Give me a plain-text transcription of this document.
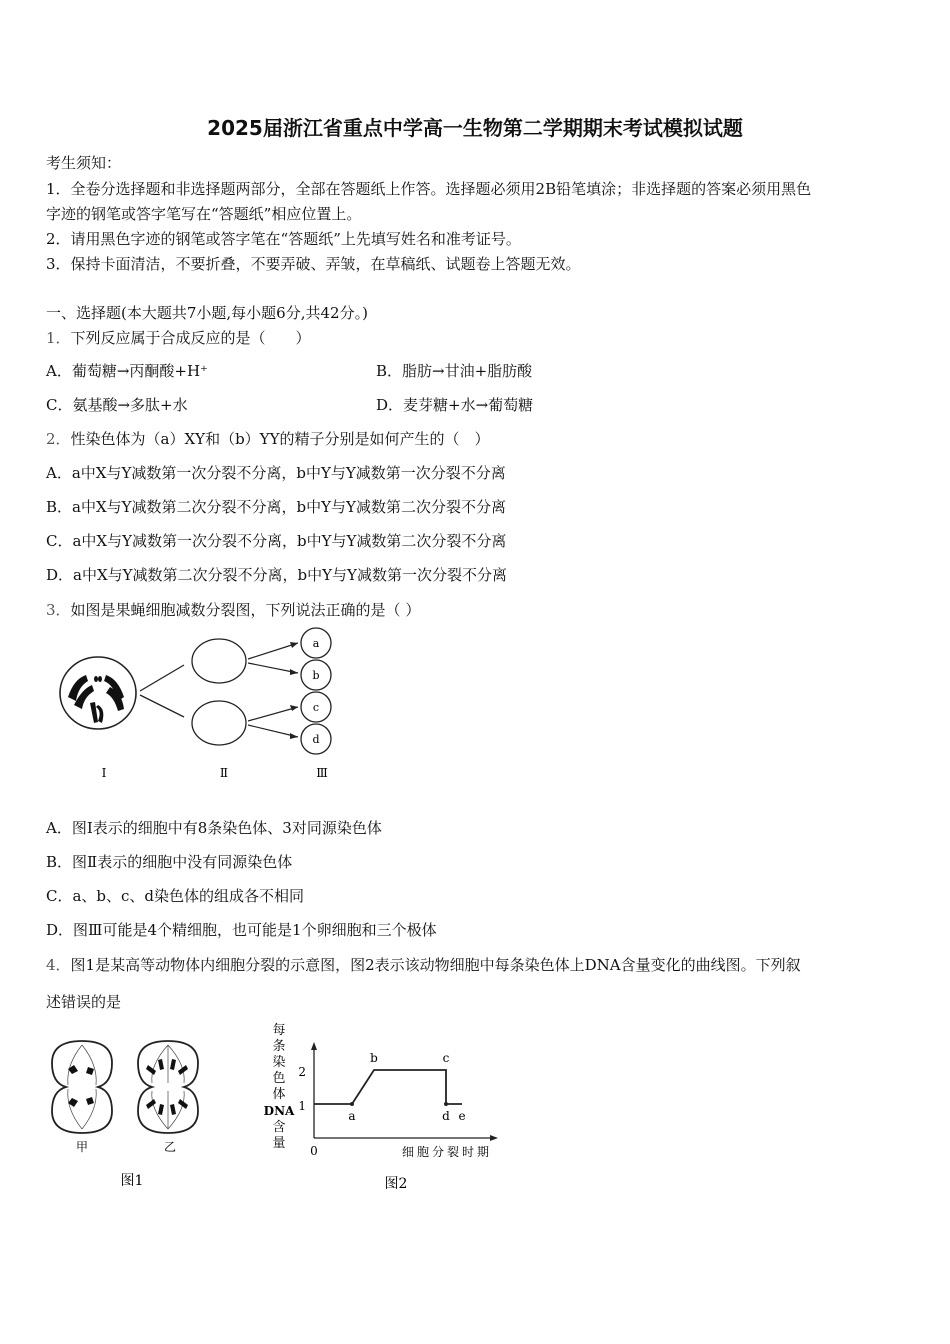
2025届浙江省重点中学高一生物第二学期期末考试模拟试题
考生须知：
1．全卷分选择题和非选择题两部分，全部在答题纸上作答。选择题必须用2B铅笔填涂；非选择题的答案必须用黑色
字迹的钢笔或答字笔写在“答题纸”相应位置上。
2．请用黑色字迹的钢笔或答字笔在“答题纸”上先填写姓名和准考证号。
3．保持卡面清洁，不要折叠，不要弄破、弄皱，在草稿纸、试题卷上答题无效。
一、选择题(本大题共7小题,每小题6分,共42分。)
1．下列反应属于合成反应的是（　　）
A．葡萄糖→丙酮酸+H⁺	B．脂肪→甘油+脂肪酸
C．氨基酸→多肽+水	D．麦芽糖+水→葡萄糖
2．性染色体为（a）XY和（b）YY的精子分别是如何产生的（　）
A．a中X与Y减数第一次分裂不分离，b中Y与Y减数第一次分裂不分离
B．a中X与Y减数第二次分裂不分离，b中Y与Y减数第二次分裂不分离
C．a中X与Y减数第一次分裂不分离，b中Y与Y减数第二次分裂不分离
D．a中X与Y减数第二次分裂不分离，b中Y与Y减数第一次分裂不分离
3．如图是果蝇细胞减数分裂图，下列说法正确的是（ ）
a
b
c
d
Ⅰ	Ⅱ	Ⅲ
A．图Ⅰ表示的细胞中有8条染色体、3对同源染色体
B．图Ⅱ表示的细胞中没有同源染色体
C．a、b、c、d染色体的组成各不相同
D．图Ⅲ可能是4个精细胞，也可能是1个卵细胞和三个极体
4．图1是某高等动物体内细胞分裂的示意图，图2表示该动物细胞中每条染色体上DNA含量变化的曲线图。下列叙
述错误的是
甲	乙
图1
每
条
染
色
体
DNA
含
量 0
2
1
细胞分裂时期
a
b	c
d e
图2
